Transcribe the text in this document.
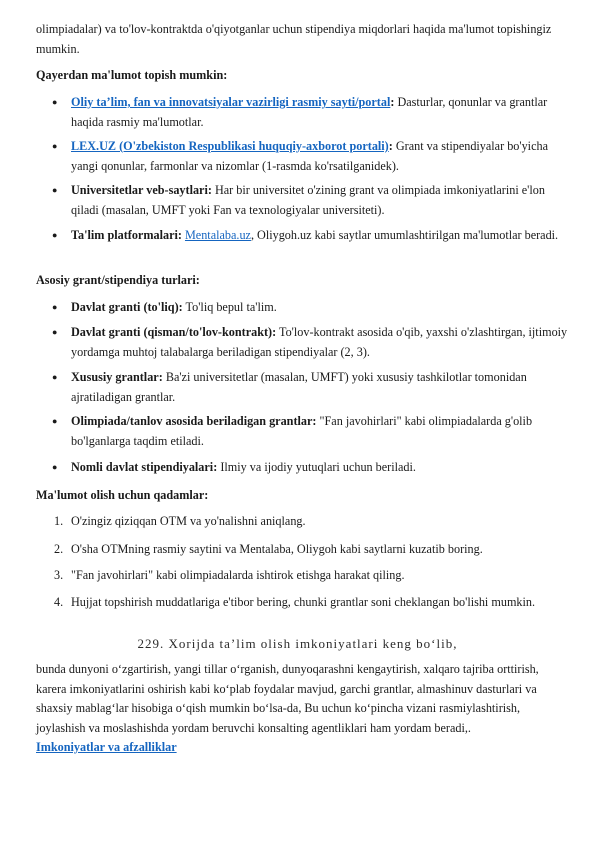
olimpiadalar) va to'lov-kontraktda o'qiyotganlar uchun stipendiya miqdorlari haqida ma'lumot topishingiz mumkin.

Qayerdan ma'lumot topish mumkin:

● Oliy ta’lim, fan va innovatsiyalar vazirligi rasmiy sayti/portal: Dasturlar, qonunlar va grantlar haqida rasmiy ma'lumotlar.
● LEX.UZ (O'zbekiston Respublikasi huquqiy-axborot portali): Grant va stipendiyalar bo'yicha yangi qonunlar, farmonlar va nizomlar (1-rasmda ko'rsatilganidek).
● Universitetlar veb-saytlari: Har bir universitet o'zining grant va olimpiada imkoniyatlarini e'lon qiladi (masalan, UMFT yoki Fan va texnologiyalar universiteti).
● Ta'lim platformalari: Mentalaba.uz, Oliygoh.uz kabi saytlar umumlashtirilgan ma'lumotlar beradi.

Asosiy grant/stipendiya turlari:

● Davlat granti (to'liq): To'liq bepul ta'lim.
● Davlat granti (qisman/to'lov-kontrakt): To'lov-kontrakt asosida o'qib, yaxshi o'zlashtirgan, ijtimoiy yordamga muhtoj talabalarga beriladigan stipendiyalar (2, 3).
● Xususiy grantlar: Ba'zi universitetlar (masalan, UMFT) yoki xususiy tashkilotlar tomonidan ajratiladigan grantlar.
● Olimpiada/tanlov asosida beriladigan grantlar: "Fan javohirlari" kabi olimpiadalarda g'olib bo'lganlarga taqdim etiladi.
● Nomli davlat stipendiyalari: Ilmiy va ijodiy yutuqlari uchun beriladi.

Ma'lumot olish uchun qadamlar:

1. O'zingiz qiziqqan OTM va yo'nalishni aniqlang.
2. O'sha OTMning rasmiy saytini va Mentalaba, Oliygoh kabi saytlarni kuzatib boring.
3. "Fan javohirlari" kabi olimpiadalarda ishtirok etishga harakat qiling.
4. Hujjat topshirish muddatlariga e'tibor bering, chunki grantlar soni cheklangan bo'lishi mumkin.
229. Xorijda ta’lim olish imkoniyatlari keng bo‘lib,

bunda dunyoni o‘zgartirish, yangi tillar o‘rganish, dunyoqarashni kengaytirish, xalqaro tajriba orttirish, karera imkoniyatlarini oshirish kabi ko‘plab foydalar mavjud, garchi grantlar, almashinuv dasturlari va shaxsiy mablag‘lar hisobiga o‘qish mumkin bo‘lsa-da, Bu uchun ko‘pincha vizani rasmiylashtirish, joylashish va moslashishda yordam beruvchi konsalting agentliklari ham yordam beradi,.

Imkoniyatlar va afzalliklar
